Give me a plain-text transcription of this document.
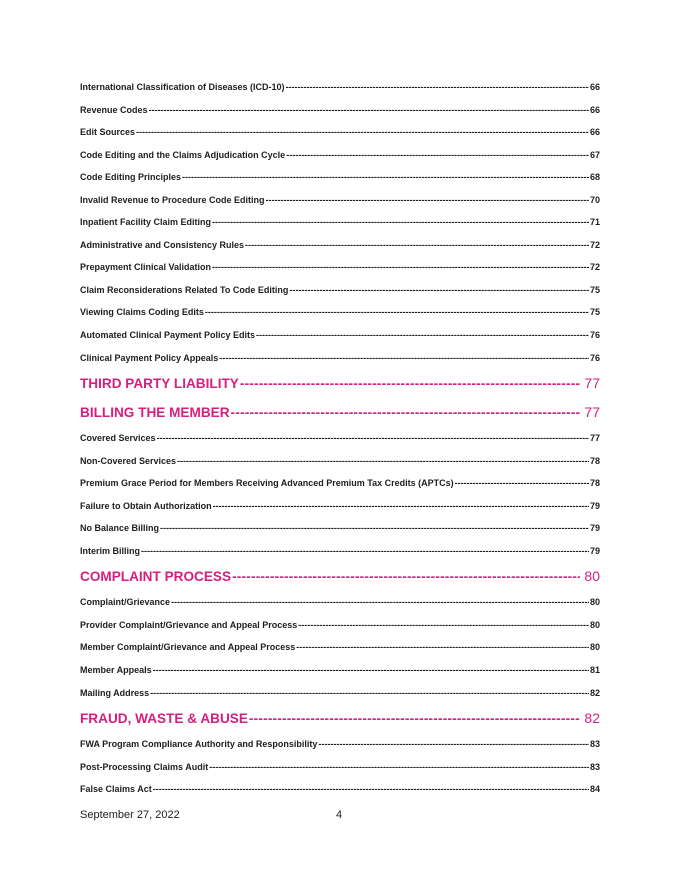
International Classification of Diseases (ICD-10) -----	66
Revenue Codes -----	66
Edit Sources -----	66
Code Editing and the Claims Adjudication Cycle -----	67
Code Editing Principles -----	68
Invalid Revenue to Procedure Code Editing -----	70
Inpatient Facility Claim Editing -----	71
Administrative and Consistency Rules -----	72
Prepayment Clinical Validation -----	72
Claim Reconsiderations Related To Code Editing -----	75
Viewing Claims Coding Edits -----	75
Automated Clinical Payment Policy Edits -----	76
Clinical Payment Policy Appeals -----	76
THIRD PARTY LIABILITY -----	77
BILLING THE MEMBER -----	77
Covered Services -----	77
Non-Covered Services -----	78
Premium Grace Period for Members Receiving Advanced Premium Tax Credits (APTCs) -----	78
Failure to Obtain Authorization -----	79
No Balance Billing -----	79
Interim Billing -----	79
COMPLAINT PROCESS -----	80
Complaint/Grievance -----	80
Provider Complaint/Grievance and Appeal Process -----	80
Member Complaint/Grievance and Appeal Process -----	80
Member Appeals -----	81
Mailing Address -----	82
FRAUD, WASTE & ABUSE -----	82
FWA Program Compliance Authority and Responsibility -----	83
Post-Processing Claims Audit -----	83
False Claims Act -----	84
September 27, 2022	4
